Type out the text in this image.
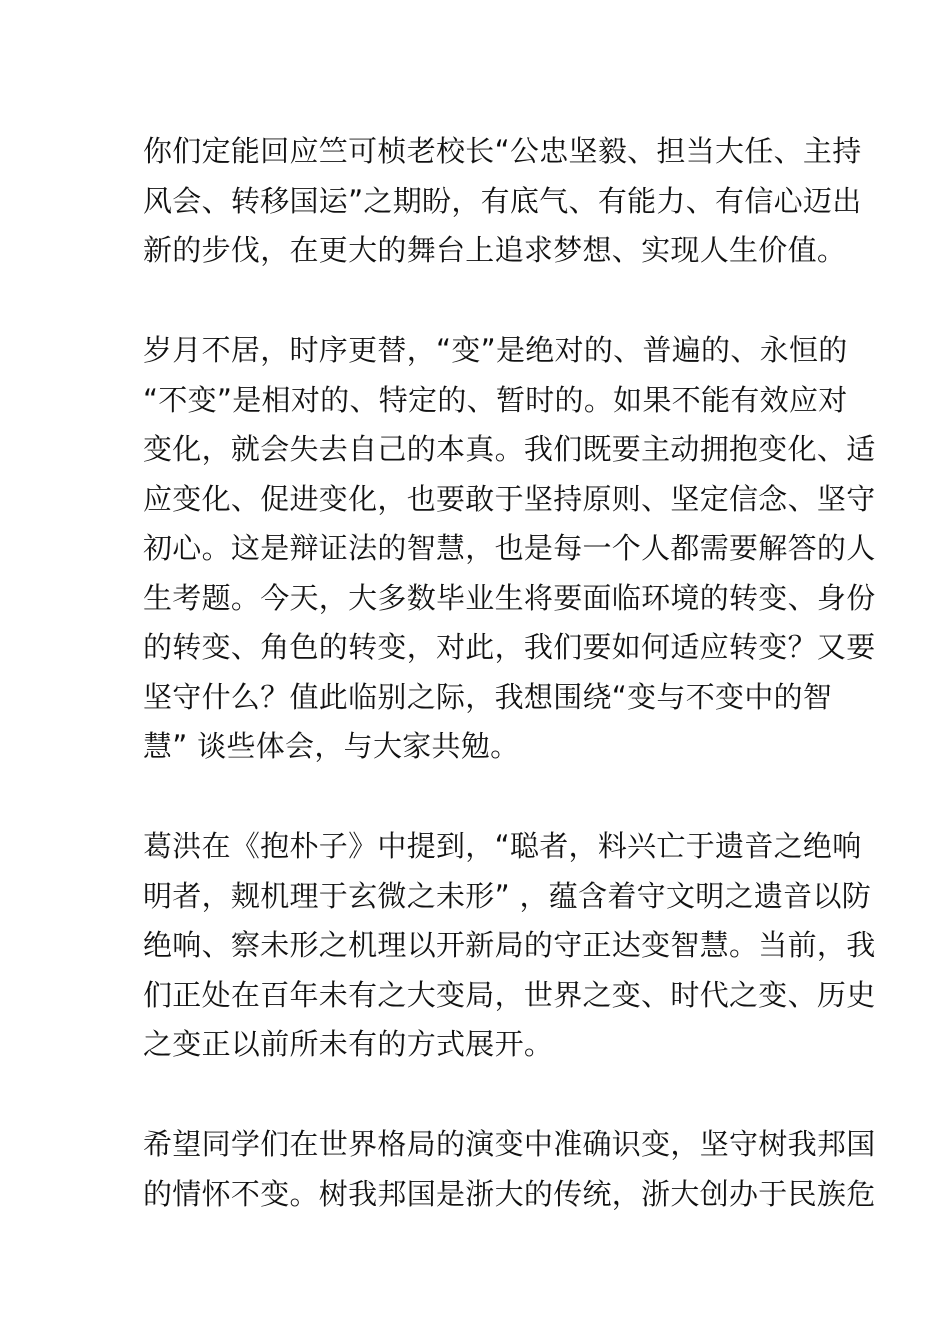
你们定能回应竺可桢老校长“公忠坚毅、担当大任、主持
风会、转移国运”之期盼，有底气、有能力、有信心迈出
新的步伐，在更大的舞台上追求梦想、实现人生价值。
岁月不居，时序更替，“变”是绝对的、普遍的、永恒的
“不变”是相对的、特定的、暂时的。如果不能有效应对
变化，就会失去自己的本真。我们既要主动拥抱变化、适
应变化、促进变化，也要敢于坚持原则、坚定信念、坚守
初心。这是辩证法的智慧，也是每一个人都需要解答的人
生考题。今天，大多数毕业生将要面临环境的转变、身份
的转变、角色的转变，对此，我们要如何适应转变？又要
坚守什么？值此临别之际，我想围绕“变与不变中的智
慧” 谈些体会，与大家共勉。
葛洪在《抱朴子》中提到，“聪者，料兴亡于遗音之绝响
明者，觌机理于玄微之未形” ，蕴含着守文明之遗音以防
绝响、察未形之机理以开新局的守正达变智慧。当前，我
们正处在百年未有之大变局，世界之变、时代之变、历史
之变正以前所未有的方式展开。
希望同学们在世界格局的演变中准确识变，坚守树我邦国
的情怀不变。树我邦国是浙大的传统，浙大创办于民族危
